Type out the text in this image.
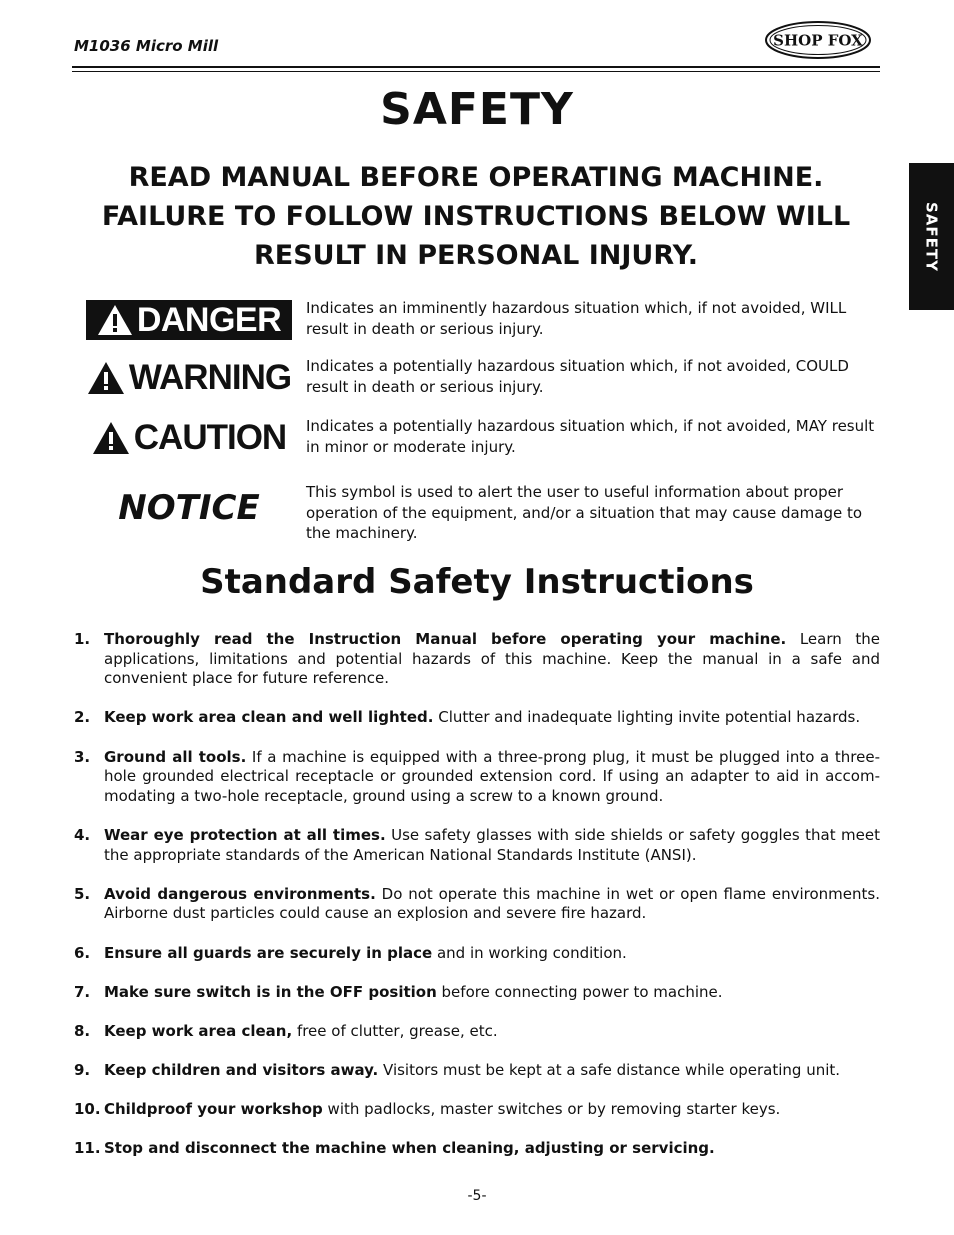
M1036 Micro Mill	SHOP FOX
SAFETY
SAFETY

READ MANUAL BEFORE OPERATING MACHINE. FAILURE TO FOLLOW INSTRUCTIONS BELOW WILL RESULT IN PERSONAL INJURY.

DANGER Indicates an imminently hazardous situation which, if not avoided, WILL result in death or serious injury.

WARNING Indicates a potentially hazardous situation which, if not avoided, COULD result in death or serious injury.

CAUTION Indicates a potentially hazardous situation which, if not avoided, MAY result in minor or moderate injury.

NOTICE	This symbol is used to alert the user to useful information about proper operation of the equipment, and/or a situation that may cause damage to the machinery.

Standard Safety Instructions
1. Thoroughly read the Instruction Manual before operating your machine. Learn the applications, limitations and potential hazards of this machine. Keep the manual in a safe and convenient place for future reference.
2. Keep work area clean and well lighted. Clutter and inadequate lighting invite potential hazards.
3. Ground all tools. If a machine is equipped with a three-prong plug, it must be plugged into a three-hole grounded electrical receptacle or grounded extension cord. If using an adapter to aid in accom-modating a two-hole receptacle, ground using a screw to a known ground.
4. Wear eye protection at all times. Use safety glasses with side shields or safety goggles that meet the appropriate standards of the American National Standards Institute (ANSI).
5. Avoid dangerous environments. Do not operate this machine in wet or open flame environments. Airborne dust particles could cause an explosion and severe fire hazard.
6. Ensure all guards are securely in place and in working condition.
7. Make sure switch is in the OFF position before connecting power to machine.
8. Keep work area clean, free of clutter, grease, etc.
9. Keep children and visitors away. Visitors must be kept at a safe distance while operating unit.
10. Childproof your workshop with padlocks, master switches or by removing starter keys.
11. Stop and disconnect the machine when cleaning, adjusting or servicing.
-5-
